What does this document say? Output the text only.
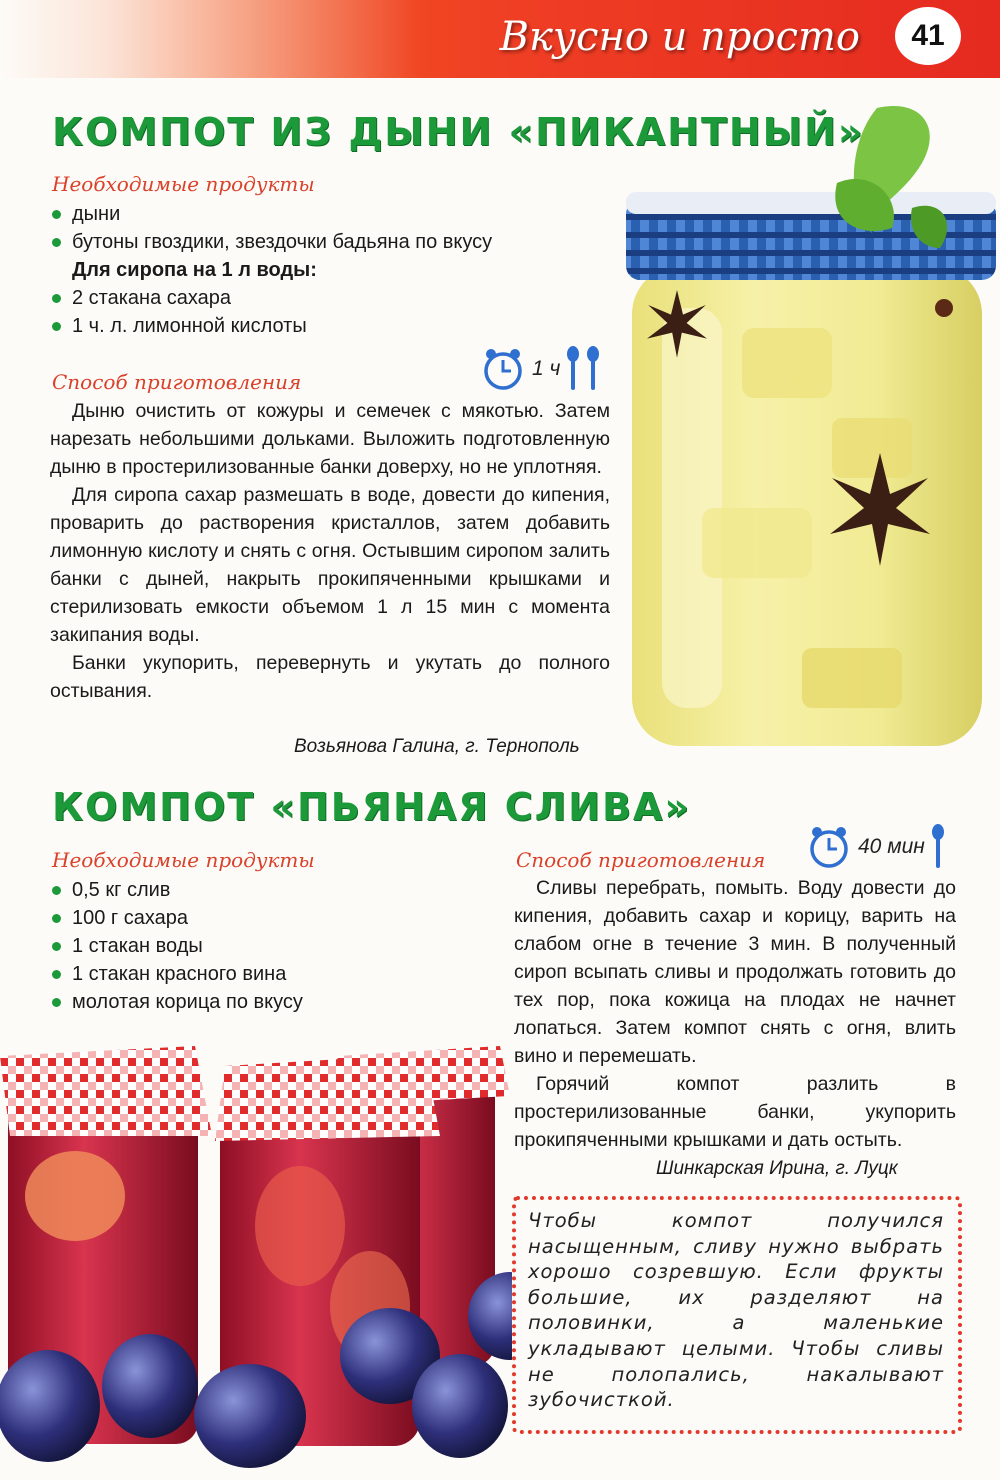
Вкусно и просто	41
КОМПОТ ИЗ ДЫНИ «ПИКАНТНЫЙ»
Необходимые продукты
дыни
бутоны гвоздики, звездочки бадьяна по вкусу
Для сиропа на 1 л воды:
2 стакана сахара
1 ч. л. лимонной кислоты
Способ приготовления
1 ч

Дыню очистить от кожуры и семечек с мякотью. Затем нарезать небольшими дольками. Выложить подготовленную дыню в простерилизованные банки доверху, но не уплотняя.

Для сиропа сахар размешать в воде, довести до кипения, проварить до растворения кристаллов, затем добавить лимонную кислоту и снять с огня. Остывшим сиропом залить банки с дыней, накрыть прокипяченными крышками и стерилизовать емкости объемом 1 л 15 мин с момента закипания воды.

Банки укупорить, перевернуть и укутать до полного остывания.

Возьянова Галина, г. Тернополь
КОМПОТ «ПЬЯНАЯ СЛИВА»
Необходимые продукты
0,5 кг слив
100 г сахара
1 стакан воды
1 стакан красного вина
молотая корица по вкусу
Способ приготовления
40 мин

Сливы перебрать, помыть. Воду довести до кипения, добавить сахар и корицу, варить на слабом огне в течение 3 мин. В полученный сироп всыпать сливы и продолжать готовить до тех пор, пока кожица на плодах не начнет лопаться. Затем компот снять с огня, влить вино и перемешать.

Горячий компот разлить в простерилизованные банки, укупорить прокипяченными крышками и дать остыть.

Шинкарская Ирина, г. Луцк
Чтобы компот получился насыщенным, сливу нужно выбрать хорошо созревшую. Если фрукты большие, их разделяют на половинки, а маленькие укладывают целыми. Чтобы сливы не полопались, накалывают зубочисткой.
